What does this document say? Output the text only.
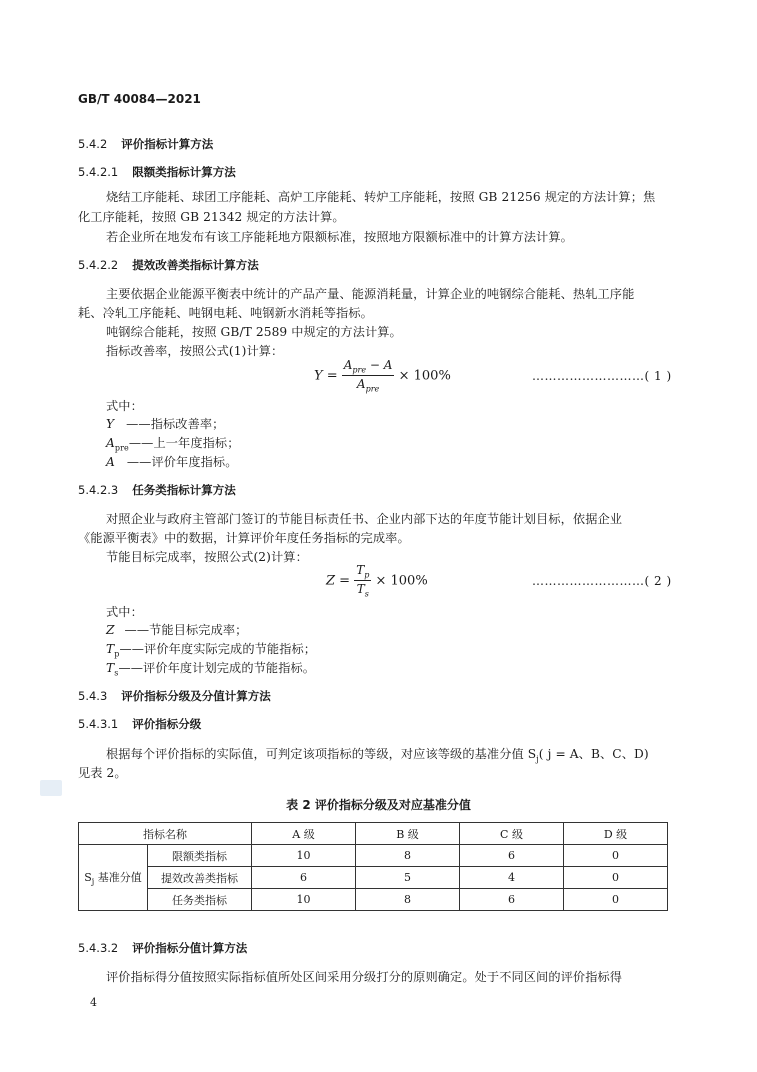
GB/T 40084—2021
5.4.2 评价指标计算方法
5.4.2.1 限额类指标计算方法
烧结工序能耗、球团工序能耗、高炉工序能耗、转炉工序能耗，按照 GB 21256 规定的方法计算；焦
化工序能耗，按照 GB 21342 规定的方法计算。
若企业所在地发布有该工序能耗地方限额标准，按照地方限额标准中的计算方法计算。
5.4.2.2 提效改善类指标计算方法
主要依据企业能源平衡表中统计的产品产量、能源消耗量，计算企业的吨钢综合能耗、热轧工序能
耗、冷轧工序能耗、吨钢电耗、吨钢新水消耗等指标。
吨钢综合能耗，按照 GB/T 2589 中规定的方法计算。
指标改善率，按照公式(1)计算：
$Y = \frac{A_{pre} - A}{A_{pre}} \times 100\%$	………………………( 1 )
式中：
Y ——指标改善率；
$A_{pre}——$上一年度指标；
A ——评价年度指标。
5.4.2.3 任务类指标计算方法
对照企业与政府主管部门签订的节能目标责任书、企业内部下达的年度节能计划目标，依据企业
《能源平衡表》中的数据，计算评价年度任务指标的完成率。
节能目标完成率，按照公式(2)计算：
$Z = \frac{T_p}{T_s} \times 100\%$	………………………( 2 )
式中：
Z ——节能目标完成率；
$T_p——$评价年度实际完成的节能指标；
$T_s——$评价年度计划完成的节能指标。
5.4.3 评价指标分级及分值计算方法
5.4.3.1 评价指标分级
根据每个评价指标的实际值，可判定该项指标的等级，对应该等级的基准分值 $S_j$( j = A、B、C、D)
见表 2。
表 2 评价指标分级及对应基准分值
指标名称		A 级	B 级	C 级	D 级
$S_j$ 基准分值	限额类指标	10	8	6	0
	提效改善类指标	6	5	4	0
	任务类指标	10	8	6	0
5.4.3.2 评价指标分值计算方法
评价指标得分值按照实际指标值所处区间采用分级打分的原则确定。处于不同区间的评价指标得
4
